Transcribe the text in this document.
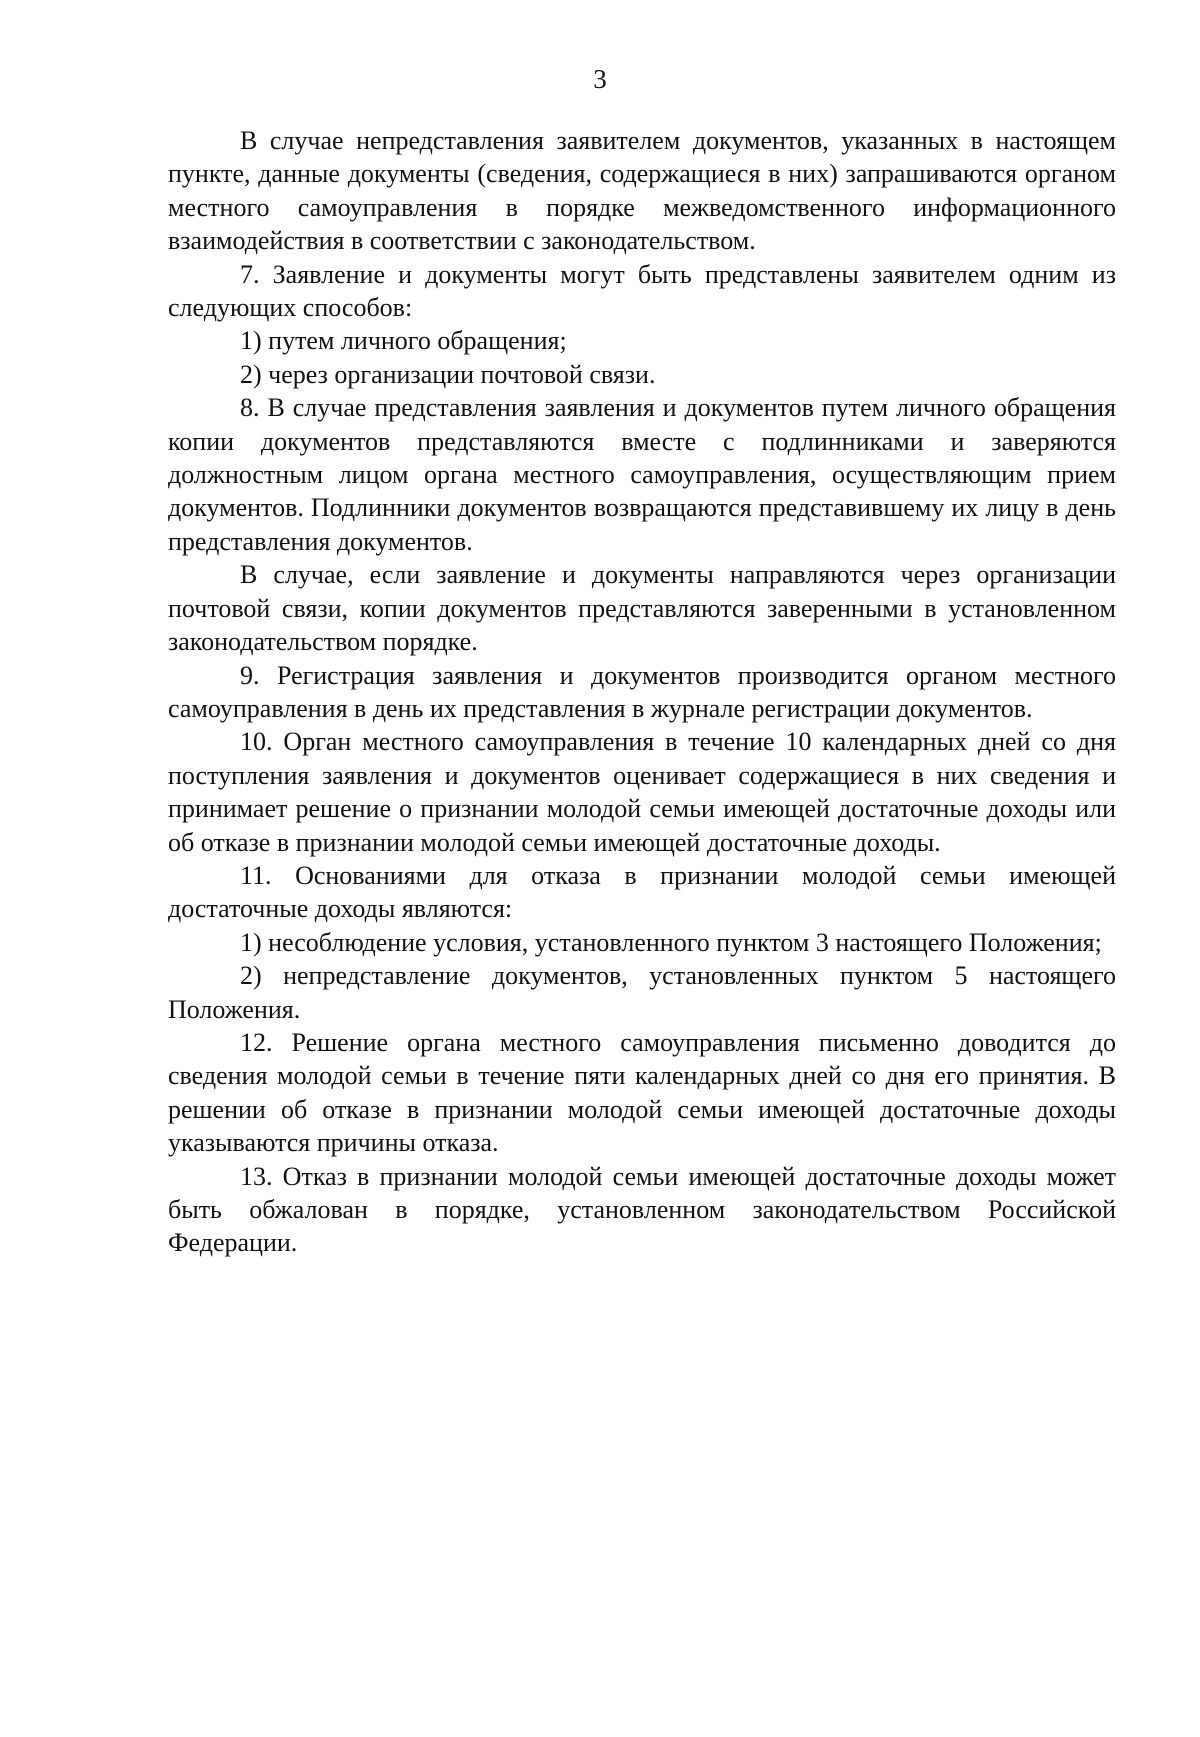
3

В случае непредставления заявителем документов, указанных в настоящем пункте, данные документы (сведения, содержащиеся в них) запрашиваются органом местного самоуправления в порядке межведомственного информационного взаимодействия в соответствии с законодательством.

7. Заявление и документы могут быть представлены заявителем одним из следующих способов:

1) путем личного обращения;

2) через организации почтовой связи.

8. В случае представления заявления и документов путем личного обращения копии документов представляются вместе с подлинниками и заверяются должностным лицом органа местного самоуправления, осуществляющим прием документов. Подлинники документов возвращаются представившему их лицу в день представления документов.

В случае, если заявление и документы направляются через организации почтовой связи, копии документов представляются заверенными в установленном законодательством порядке.

9. Регистрация заявления и документов производится органом местного самоуправления в день их представления в журнале регистрации документов.

10. Орган местного самоуправления в течение 10 календарных дней со дня поступления заявления и документов оценивает содержащиеся в них сведения и принимает решение о признании молодой семьи имеющей достаточные доходы или об отказе в признании молодой семьи имеющей достаточные доходы.

11. Основаниями для отказа в признании молодой семьи имеющей достаточные доходы являются:

1) несоблюдение условия, установленного пунктом 3 настоящего Положения;

2) непредставление документов, установленных пунктом 5 настоящего Положения.

12. Решение органа местного самоуправления письменно доводится до сведения молодой семьи в течение пяти календарных дней со дня его принятия. В решении об отказе в признании молодой семьи имеющей достаточные доходы указываются причины отказа.

13. Отказ в признании молодой семьи имеющей достаточные доходы может быть обжалован в порядке, установленном законодательством Российской Федерации.
